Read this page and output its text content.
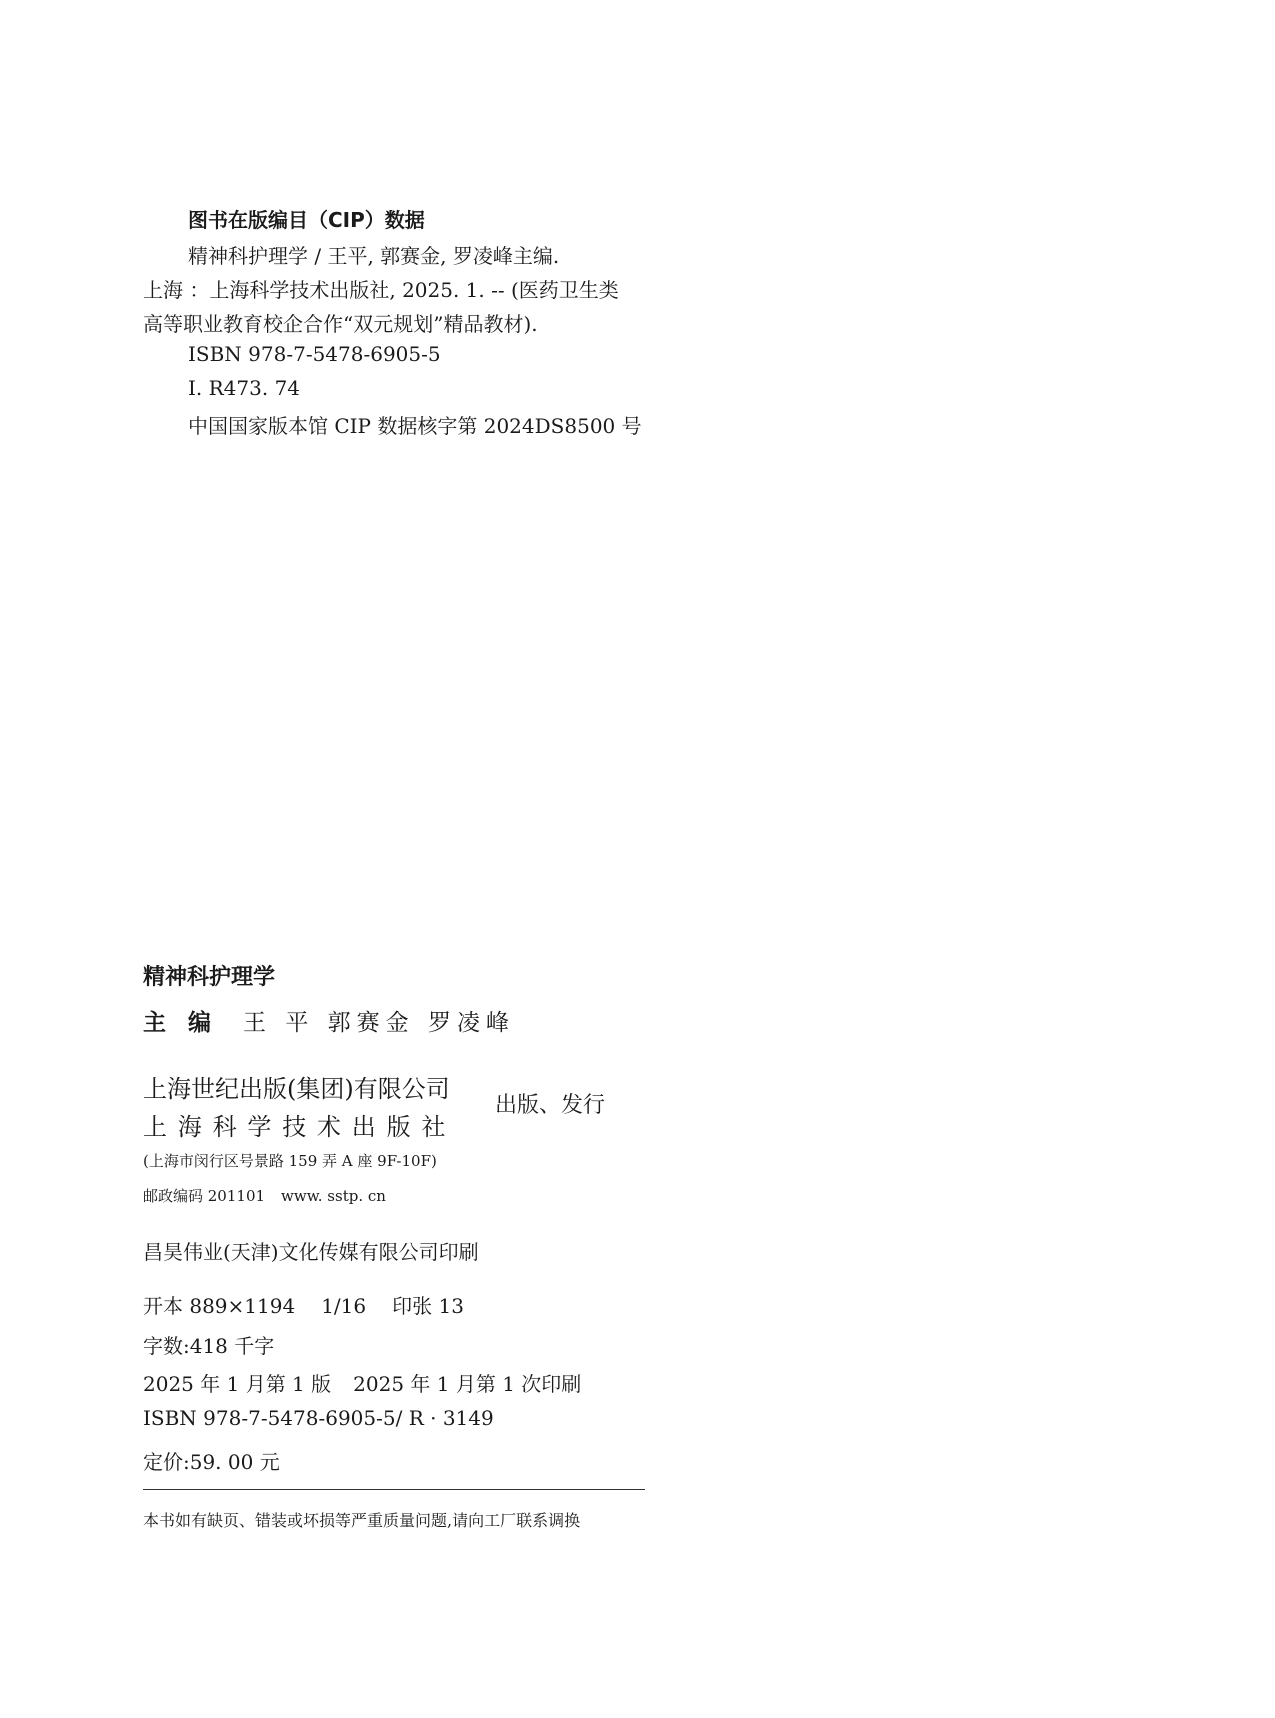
图书在版编目（CIP）数据
精神科护理学 / 王平, 郭赛金, 罗凌峰主编.
上海 ：上海科学技术出版社, 2025. 1. -- (医药卫生类
高等职业教育校企合作“双元规划”精品教材).
ISBN 978-7-5478-6905-5
Ⅰ. R473. 74
中国国家版本馆 CIP 数据核字第 2024DS8500 号
精神科护理学
主编 王 平 郭赛金 罗凌峰
上海世纪出版(集团)有限公司
上海科学技术出版社
出版、发行
(上海市闵行区号景路 159 弄 A 座 9F-10F)
邮政编码 201101 www. sstp. cn
昌昊伟业(天津)文化传媒有限公司印刷
开本 889×1194 1/16 印张 13
字数:418 千字
2025 年 1 月第 1 版 2025 年 1 月第 1 次印刷
ISBN 978-7-5478-6905-5/ R · 3149
定价:59. 00 元
本书如有缺页、错装或坏损等严重质量问题,请向工厂联系调换
